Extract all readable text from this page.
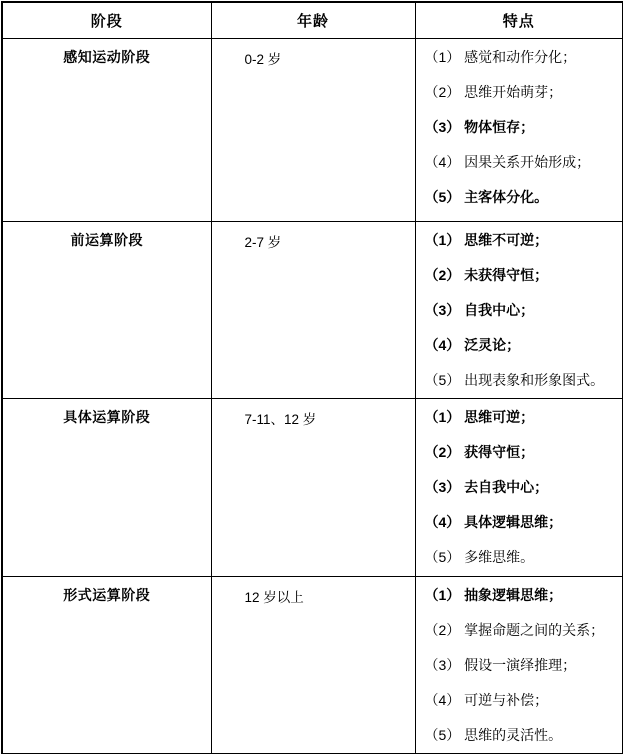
阶段	年龄	特点
感知运动阶段	0-2 岁	（1） 感觉和动作分化；
（2） 思维开始萌芽；
（3） 物体恒存；
（4） 因果关系开始形成；
（5） 主客体分化。

前运算阶段	2-7 岁	（1） 思维不可逆；
（2） 未获得守恒；
（3） 自我中心；
（4） 泛灵论；
（5） 出现表象和形象图式。

具体运算阶段	7-11、12 岁	（1） 思维可逆；
（2） 获得守恒；
（3） 去自我中心；
（4） 具体逻辑思维；
（5） 多维思维。

形式运算阶段	12 岁以上	（1） 抽象逻辑思维；
（2） 掌握命题之间的关系；
（3） 假设一演绎推理；
（4） 可逆与补偿；
（5） 思维的灵活性。
